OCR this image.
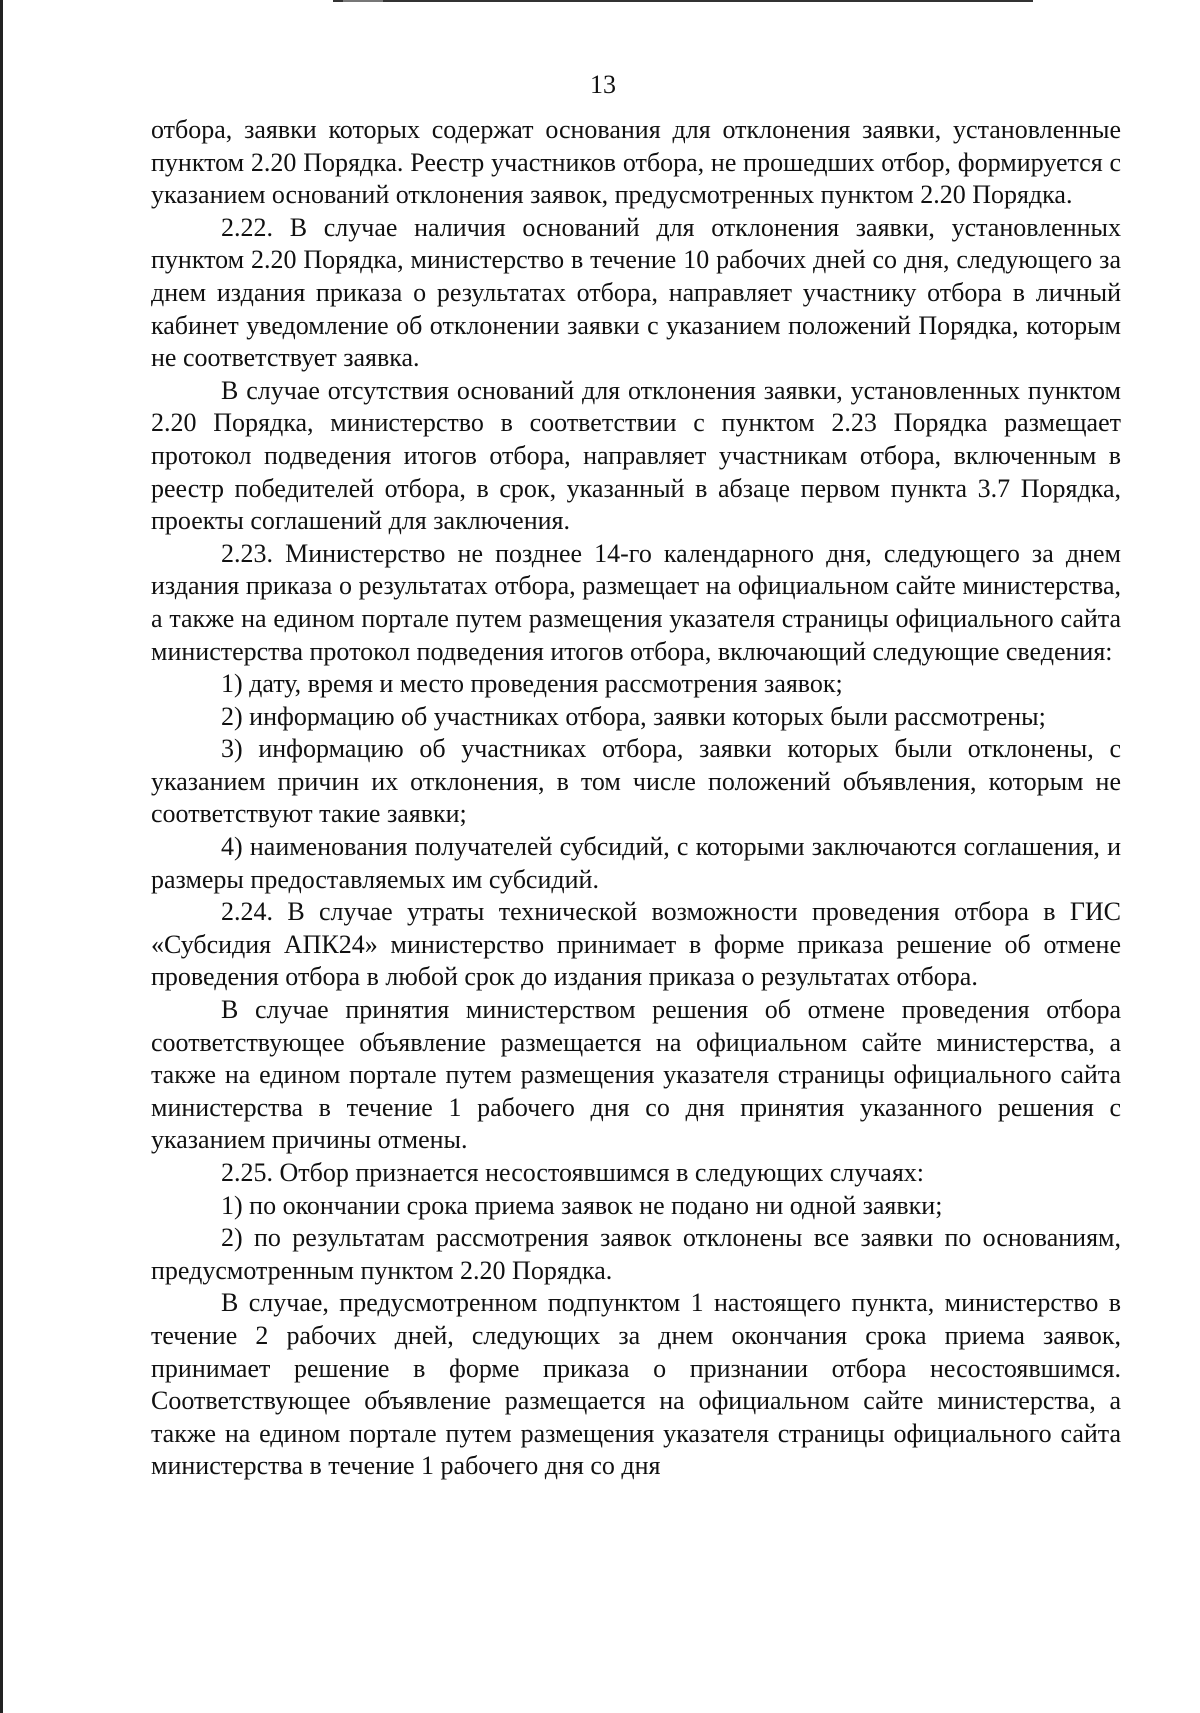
13

отбора, заявки которых содержат основания для отклонения заявки, установленные пунктом 2.20 Порядка. Реестр участников отбора, не прошедших отбор, формируется с указанием оснований отклонения заявок, предусмотренных пунктом 2.20 Порядка.

2.22. В случае наличия оснований для отклонения заявки, установленных пунктом 2.20 Порядка, министерство в течение 10 рабочих дней со дня, следующего за днем издания приказа о результатах отбора, направляет участнику отбора в личный кабинет уведомление об отклонении заявки с указанием положений Порядка, которым не соответствует заявка.

В случае отсутствия оснований для отклонения заявки, установленных пунктом 2.20 Порядка, министерство в соответствии с пунктом 2.23 Порядка размещает протокол подведения итогов отбора, направляет участникам отбора, включенным в реестр победителей отбора, в срок, указанный в абзаце первом пункта 3.7 Порядка, проекты соглашений для заключения.

2.23. Министерство не позднее 14-го календарного дня, следующего за днем издания приказа о результатах отбора, размещает на официальном сайте министерства, а также на едином портале путем размещения указателя страницы официального сайта министерства протокол подведения итогов отбора, включающий следующие сведения:

1) дату, время и место проведения рассмотрения заявок;

2) информацию об участниках отбора, заявки которых были рассмотрены;

3) информацию об участниках отбора, заявки которых были отклонены, с указанием причин их отклонения, в том числе положений объявления, которым не соответствуют такие заявки;

4) наименования получателей субсидий, с которыми заключаются соглашения, и размеры предоставляемых им субсидий.

2.24. В случае утраты технической возможности проведения отбора в ГИС «Субсидия АПК24» министерство принимает в форме приказа решение об отмене проведения отбора в любой срок до издания приказа о результатах отбора.

В случае принятия министерством решения об отмене проведения отбора соответствующее объявление размещается на официальном сайте министерства, а также на едином портале путем размещения указателя страницы официального сайта министерства в течение 1 рабочего дня со дня принятия указанного решения с указанием причины отмены.

2.25. Отбор признается несостоявшимся в следующих случаях:

1) по окончании срока приема заявок не подано ни одной заявки;

2) по результатам рассмотрения заявок отклонены все заявки по основаниям, предусмотренным пунктом 2.20 Порядка.

В случае, предусмотренном подпунктом 1 настоящего пункта, министерство в течение 2 рабочих дней, следующих за днем окончания срока приема заявок, принимает решение в форме приказа о признании отбора несостоявшимся. Соответствующее объявление размещается на официальном сайте министерства, а также на едином портале путем размещения указателя страницы официального сайта министерства в течение 1 рабочего дня со дня
